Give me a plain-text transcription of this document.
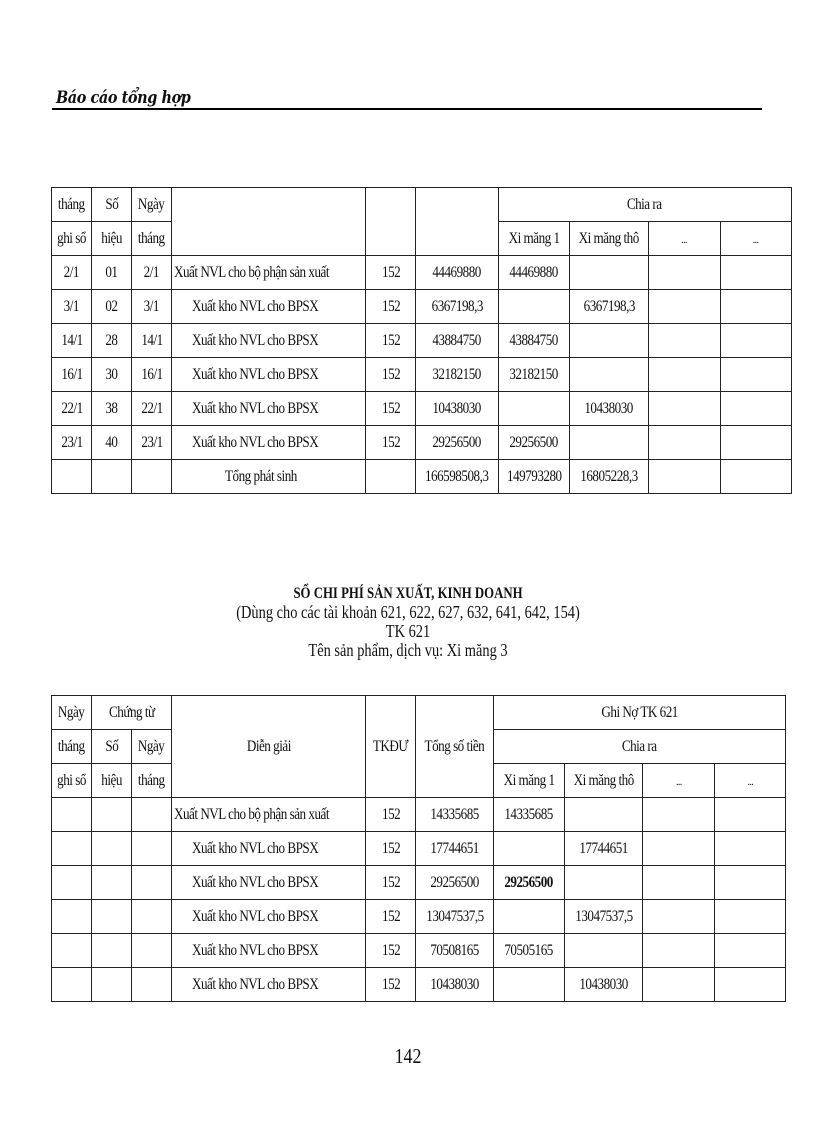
Báo cáo tổng hợp
tháng	Số	Ngày				Chia ra			
ghi sổ	hiệu	tháng				Xi măng 1	Xi măng thô	...	...
2/1	01	2/1	Xuất NVL cho bộ phận sản xuất	152	44469880	44469880			
3/1	02	3/1	Xuất kho NVL cho BPSX	152	6367198,3		6367198,3		
14/1	28	14/1	Xuất kho NVL cho BPSX	152	43884750	43884750			
16/1	30	16/1	Xuất kho NVL cho BPSX	152	32182150	32182150			
22/1	38	22/1	Xuất kho NVL cho BPSX	152	10438030		10438030		
23/1	40	23/1	Xuất kho NVL cho BPSX	152	29256500	29256500			
			Tổng phát sinh		166598508,3	149793280	16805228,3		
SỔ CHI PHÍ SẢN XUẤT, KINH DOANH
(Dùng cho các tài khoản 621, 622, 627, 632, 641, 642, 154)
TK 621
Tên sản phẩm, dịch vụ: Xi măng 3
Ngày	Chứng từ		Diễn giải	TKĐƯ	Tổng số tiền	Ghi Nợ TK 621			
tháng	Số	Ngày				Chia ra			
ghi sổ	hiệu	tháng				Xi măng 1	Xi măng thô	...	...
			Xuất NVL cho bộ phận sản xuất	152	14335685	14335685			
			Xuất kho NVL cho BPSX	152	17744651		17744651		
			Xuất kho NVL cho BPSX	152	29256500	29256500			
			Xuất kho NVL cho BPSX	152	13047537,5		13047537,5		
			Xuất kho NVL cho BPSX	152	70508165	70505165			
			Xuất kho NVL cho BPSX	152	10438030		10438030		
142
